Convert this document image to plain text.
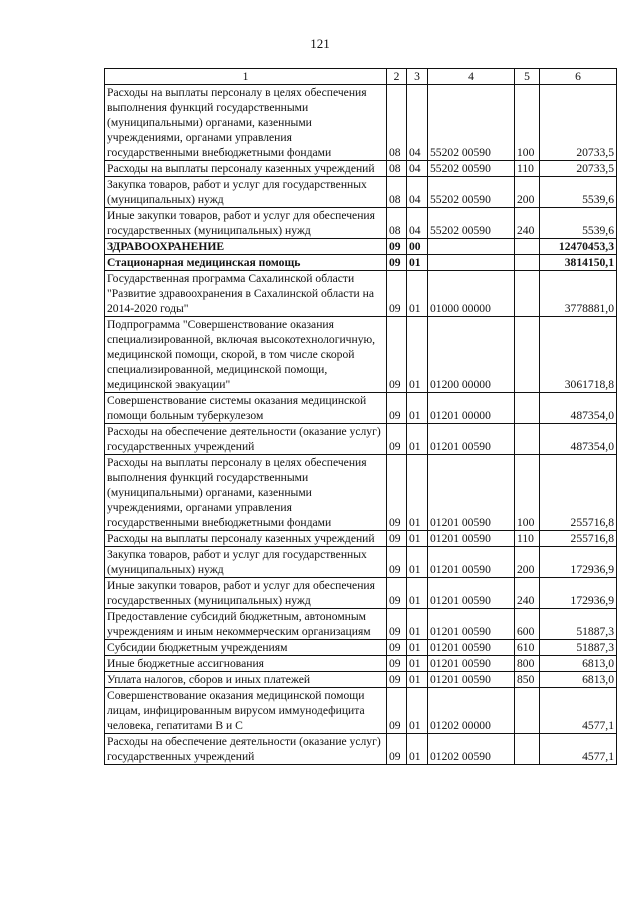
121
1	2	3	4	5	6
Расходы на выплаты персоналу в целях обеспечения выполнения функций государственными (муниципальными) органами, казенными учреждениями, органами управления государственными внебюджетными фондами	08	04	55202 00590	100	20733,5
Расходы на выплаты персоналу казенных учреждений	08	04	55202 00590	110	20733,5
Закупка товаров, работ и услуг для государственных (муниципальных) нужд	08	04	55202 00590	200	5539,6
Иные закупки товаров, работ и услуг для обеспечения государственных (муниципальных) нужд	08	04	55202 00590	240	5539,6
ЗДРАВООХРАНЕНИЕ	09	00			12470453,3
Стационарная медицинская помощь	09	01			3814150,1
Государственная программа Сахалинской области "Развитие здравоохранения в Сахалинской области на 2014-2020 годы"	09	01	01000 00000		3778881,0
Подпрограмма "Совершенствование оказания специализированной, включая высокотехнологичную, медицинской помощи, скорой, в том числе скорой специализированной, медицинской помощи, медицинской эвакуации"	09	01	01200 00000		3061718,8
Совершенствование системы оказания медицинской помощи больным туберкулезом	09	01	01201 00000		487354,0
Расходы на обеспечение деятельности (оказание услуг) государственных учреждений	09	01	01201 00590		487354,0
Расходы на выплаты персоналу в целях обеспечения выполнения функций государственными (муниципальными) органами, казенными учреждениями, органами управления государственными внебюджетными фондами	09	01	01201 00590	100	255716,8
Расходы на выплаты персоналу казенных учреждений	09	01	01201 00590	110	255716,8
Закупка товаров, работ и услуг для государственных (муниципальных) нужд	09	01	01201 00590	200	172936,9
Иные закупки товаров, работ и услуг для обеспечения государственных (муниципальных) нужд	09	01	01201 00590	240	172936,9
Предоставление субсидий бюджетным, автономным учреждениям и иным некоммерческим организациям	09	01	01201 00590	600	51887,3
Субсидии бюджетным учреждениям	09	01	01201 00590	610	51887,3
Иные бюджетные ассигнования	09	01	01201 00590	800	6813,0
Уплата налогов, сборов и иных платежей	09	01	01201 00590	850	6813,0
Совершенствование оказания медицинской помощи лицам, инфицированным вирусом иммунодефицита человека, гепатитами В и С	09	01	01202 00000		4577,1
Расходы на обеспечение деятельности (оказание услуг) государственных учреждений	09	01	01202 00590		4577,1
